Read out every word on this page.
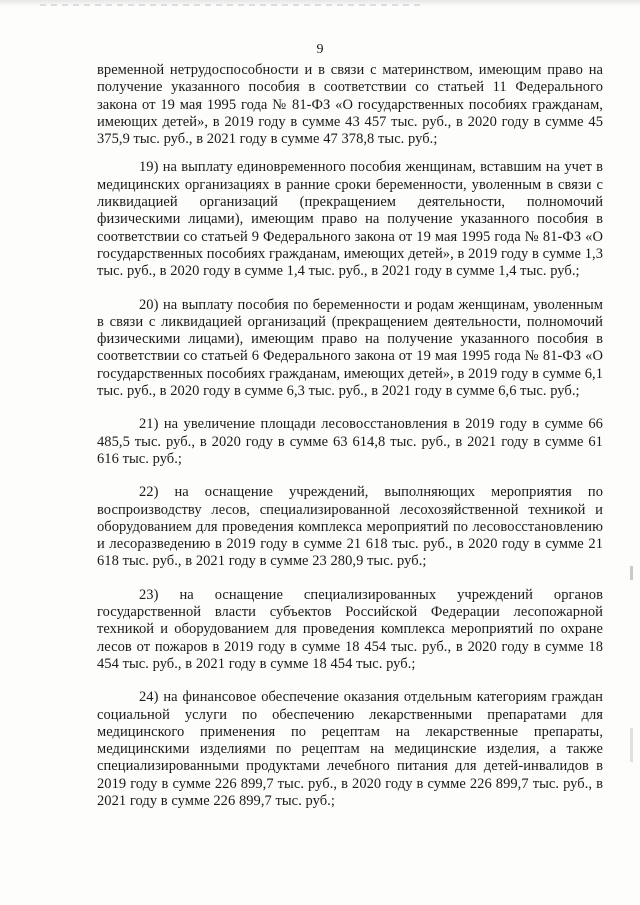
9

временной нетрудоспособности и в связи с материнством, имеющим право на получение указанного пособия в соответствии со статьей 11 Федерального закона от 19 мая 1995 года № 81-ФЗ «О государственных пособиях гражданам, имеющих детей», в 2019 году в сумме 43 457 тыс. руб., в 2020 году в сумме 45 375,9 тыс. руб., в 2021 году в сумме 47 378,8 тыс. руб.;

19) на выплату единовременного пособия женщинам, вставшим на учет в медицинских организациях в ранние сроки беременности, уволенным в связи с ликвидацией организаций (прекращением деятельности, полномочий физическими лицами), имеющим право на получение указанного пособия в соответствии со статьей 9 Федерального закона от 19 мая 1995 года № 81-ФЗ «О государственных пособиях гражданам, имеющих детей», в 2019 году в сумме 1,3 тыс. руб., в 2020 году в сумме 1,4 тыс. руб., в 2021 году в сумме 1,4 тыс. руб.;

20) на выплату пособия по беременности и родам женщинам, уволенным в связи с ликвидацией организаций (прекращением деятельности, полномочий физическими лицами), имеющим право на получение указанного пособия в соответствии со статьей 6 Федерального закона от 19 мая 1995 года № 81-ФЗ «О государственных пособиях гражданам, имеющих детей», в 2019 году в сумме 6,1 тыс. руб., в 2020 году в сумме 6,3 тыс. руб., в 2021 году в сумме 6,6 тыс. руб.;

21) на увеличение площади лесовосстановления в 2019 году в сумме 66 485,5 тыс. руб., в 2020 году в сумме 63 614,8 тыс. руб., в 2021 году в сумме 61 616 тыс. руб.;

22) на оснащение учреждений, выполняющих мероприятия по воспроизводству лесов, специализированной лесохозяйственной техникой и оборудованием для проведения комплекса мероприятий по лесовосстановлению и лесоразведению в 2019 году в сумме 21 618 тыс. руб., в 2020 году в сумме 21 618 тыс. руб., в 2021 году в сумме 23 280,9 тыс. руб.;

23) на оснащение специализированных учреждений органов государственной власти субъектов Российской Федерации лесопожарной техникой и оборудованием для проведения комплекса мероприятий по охране лесов от пожаров в 2019 году в сумме 18 454 тыс. руб., в 2020 году в сумме 18 454 тыс. руб., в 2021 году в сумме 18 454 тыс. руб.;

24) на финансовое обеспечение оказания отдельным категориям граждан социальной услуги по обеспечению лекарственными препаратами для медицинского применения по рецептам на лекарственные препараты, медицинскими изделиями по рецептам на медицинские изделия, а также специализированными продуктами лечебного питания для детей-инвалидов в 2019 году в сумме 226 899,7 тыс. руб., в 2020 году в сумме 226 899,7 тыс. руб., в 2021 году в сумме 226 899,7 тыс. руб.;
